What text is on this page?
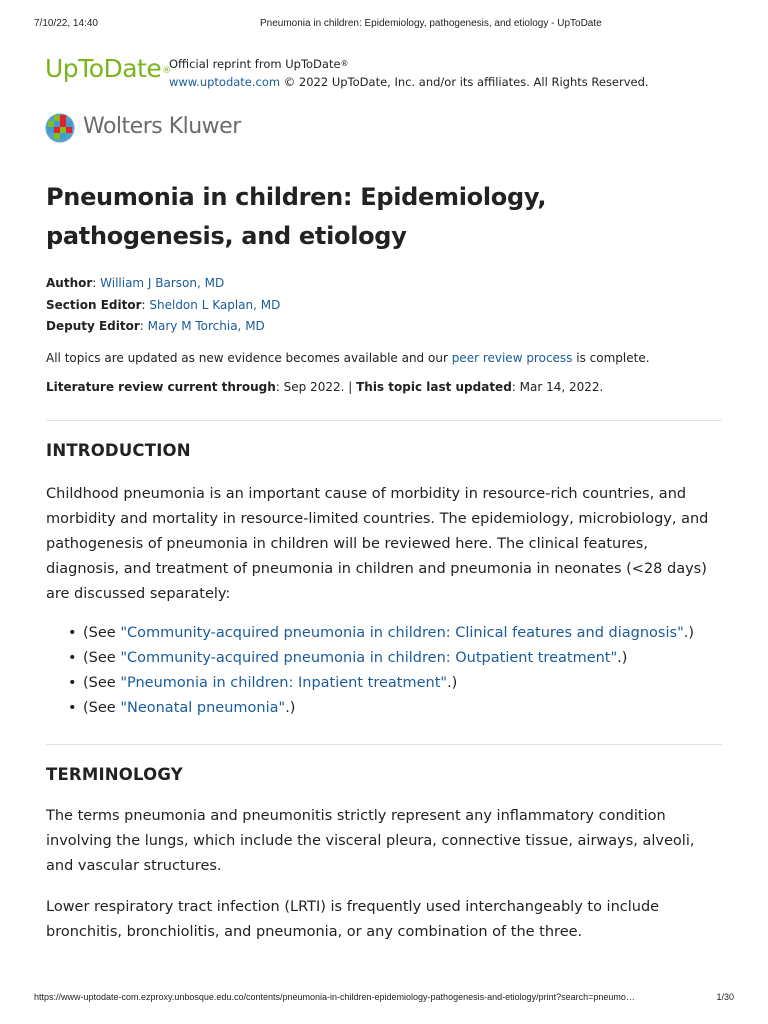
7/10/22, 14:40	Pneumonia in children: Epidemiology, pathogenesis, and etiology - UpToDate
UpToDate®
Official reprint from UpToDate®
www.uptodate.com © 2022 UpToDate, Inc. and/or its affiliates. All Rights Reserved.
Wolters Kluwer
Pneumonia in children: Epidemiology, pathogenesis, and etiology
Author: William J Barson, MD
Section Editor: Sheldon L Kaplan, MD
Deputy Editor: Mary M Torchia, MD
All topics are updated as new evidence becomes available and our peer review process is complete.
Literature review current through: Sep 2022. | This topic last updated: Mar 14, 2022.
INTRODUCTION

Childhood pneumonia is an important cause of morbidity in resource-rich countries, and morbidity and mortality in resource-limited countries. The epidemiology, microbiology, and pathogenesis of pneumonia in children will be reviewed here. The clinical features, diagnosis, and treatment of pneumonia in children and pneumonia in neonates (<28 days) are discussed separately:

• (See "Community-acquired pneumonia in children: Clinical features and diagnosis".)
• (See "Community-acquired pneumonia in children: Outpatient treatment".)
• (See "Pneumonia in children: Inpatient treatment".)
• (See "Neonatal pneumonia".)
TERMINOLOGY

The terms pneumonia and pneumonitis strictly represent any inflammatory condition involving the lungs, which include the visceral pleura, connective tissue, airways, alveoli, and vascular structures.

Lower respiratory tract infection (LRTI) is frequently used interchangeably to include bronchitis, bronchiolitis, and pneumonia, or any combination of the three.

https://www-uptodate-com.ezproxy.unbosque.edu.co/contents/pneumonia-in-children-epidemiology-pathogenesis-and-etiology/print?search=pneumo…	1/30
